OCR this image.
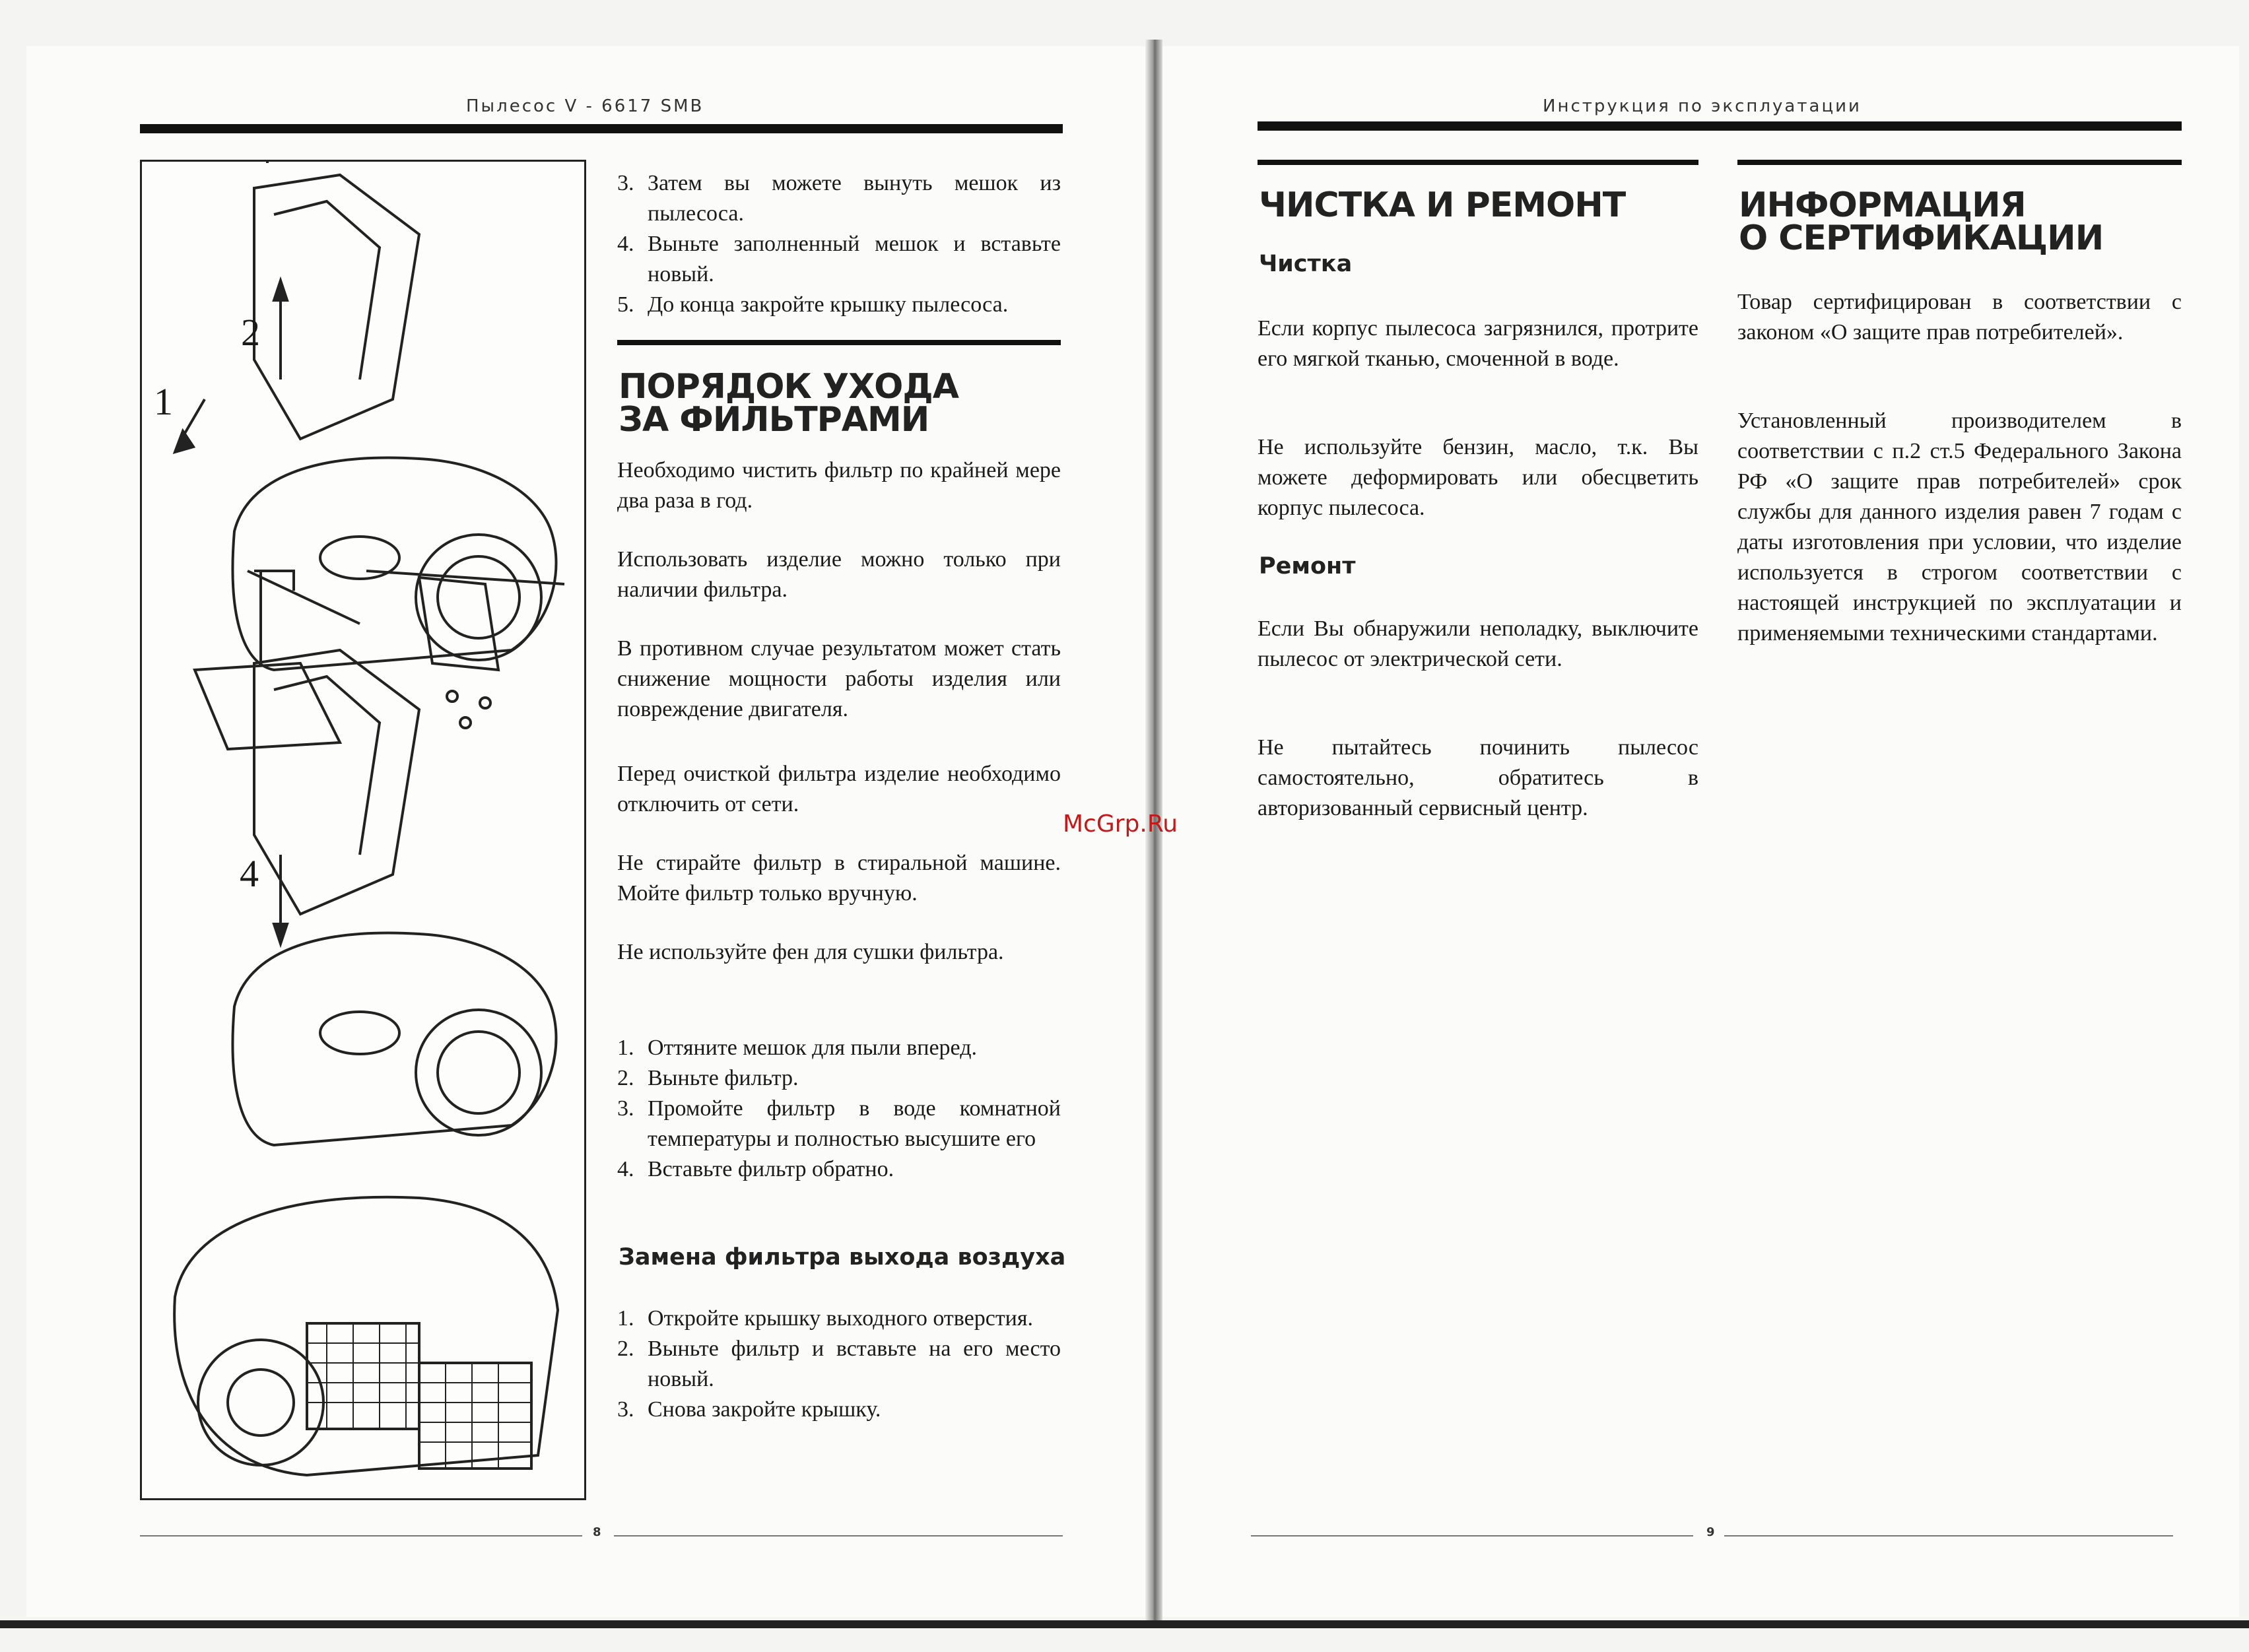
Пылесос V - 6617 SMB
1
2
4
3. Затем вы можете вынуть мешок из пылесоса.
4. Выньте заполненный мешок и вставьте новый.
5. До конца закройте крышку пылесоса.
ПОРЯДОК УХОДА
ЗА ФИЛЬТРАМИ

Необходимо чистить фильтр по крайней мере два раза в год.

Использовать изделие можно только при наличии фильтра.

В противном случае результатом может стать снижение мощности работы изделия или повреждение двигателя.

Перед очисткой фильтра изделие необходимо отключить от сети.

Не стирайте фильтр в стиральной машине. Мойте фильтр только вручную.

Не используйте фен для сушки фильтра.

1. Оттяните мешок для пыли вперед.
2. Выньте фильтр.
3. Промойте фильтр в воде комнатной температуры и полностью высушите его
4. Вставьте фильтр обратно.
Замена фильтра выхода воздуха
1. Откройте крышку выходного отверстия.
2. Выньте фильтр и вставьте на его место новый.
3. Снова закройте крышку.
8
Инструкция по эксплуатации
ЧИСТКА И РЕМОНТ
Чистка

Если корпус пылесоса загрязнился, протрите его мягкой тканью, смоченной в воде.

Не используйте бензин, масло, т.к. Вы можете деформировать или обесцветить корпус пылесоса.

Ремонт

Если Вы обнаружили неполадку, выключите пылесос от электрической сети.

Не пытайтесь починить пылесос самостоятельно, обратитесь в авторизованный сервисный центр.

ИНФОРМАЦИЯ
О СЕРТИФИКАЦИИ

Товар сертифицирован в соответствии с законом «О защите прав потребителей».

Установленный производителем в соответствии с п.2 ст.5 Федерального Закона РФ «О защите прав потребителей» срок службы для данного изделия равен 7 годам с даты изготовления при условии, что изделие используется в строгом соответствии с настоящей инструкцией по эксплуатации и применяемыми техническими стандартами.

9
McGrp.Ru
